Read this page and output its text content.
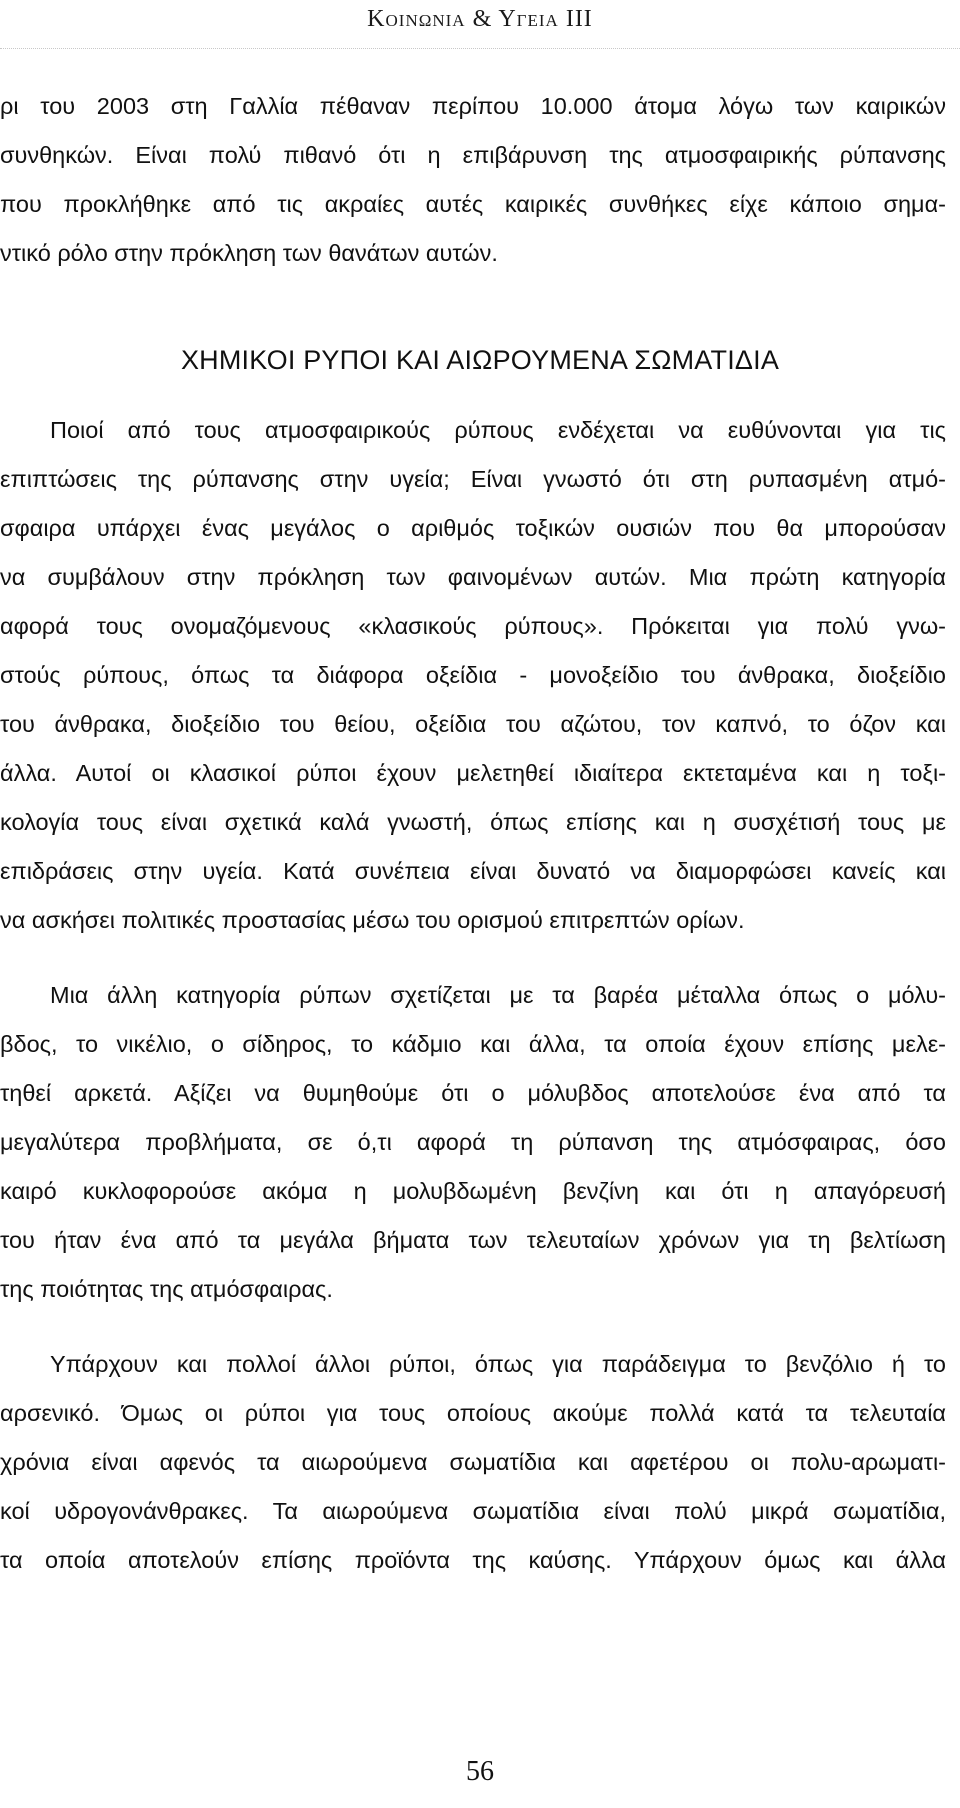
Κοινωνια & Υγεια III
ρι του 2003 στη Γαλλία πέθαναν περίπου 10.000 άτομα λόγω των καιρικών
συνθηκών. Είναι πολύ πιθανό ότι η επιβάρυνση της ατμοσφαιρικής ρύπανσης
που προκλήθηκε από τις ακραίες αυτές καιρικές συνθήκες είχε κάποιο σημα-
ντικό ρόλο στην πρόκληση των θανάτων αυτών.
ΧΗΜΙΚΟΙ ΡΥΠΟΙ ΚΑΙ ΑΙΩΡΟΥΜΕΝΑ ΣΩΜΑΤΙΔΙΑ
Ποιοί από τους ατμοσφαιρικούς ρύπους ενδέχεται να ευθύνονται για τις
επιπτώσεις της ρύπανσης στην υγεία; Είναι γνωστό ότι στη ρυπασμένη ατμό-
σφαιρα υπάρχει ένας μεγάλος ο αριθμός τοξικών ουσιών που θα μπορούσαν
να συμβάλουν στην πρόκληση των φαινομένων αυτών. Μια πρώτη κατηγορία
αφορά τους ονομαζόμενους «κλασικούς ρύπους». Πρόκειται για πολύ γνω-
στούς ρύπους, όπως τα διάφορα οξείδια - μονοξείδιο του άνθρακα, διοξείδιο
του άνθρακα, διοξείδιο του θείου, οξείδια του αζώτου, τον καπνό, το όζον και
άλλα. Αυτοί οι κλασικοί ρύποι έχουν μελετηθεί ιδιαίτερα εκτεταμένα και η τοξι-
κολογία τους είναι σχετικά καλά γνωστή, όπως επίσης και η συσχέτισή τους με
επιδράσεις στην υγεία. Κατά συνέπεια είναι δυνατό να διαμορφώσει κανείς και
να ασκήσει πολιτικές προστασίας μέσω του ορισμού επιτρεπτών ορίων.
Μια άλλη κατηγορία ρύπων σχετίζεται με τα βαρέα μέταλλα όπως ο μόλυ-
βδος, το νικέλιο, ο σίδηρος, το κάδμιο και άλλα, τα οποία έχουν επίσης μελε-
τηθεί αρκετά. Αξίζει να θυμηθούμε ότι ο μόλυβδος αποτελούσε ένα από τα
μεγαλύτερα προβλήματα, σε ό,τι αφορά τη ρύπανση της ατμόσφαιρας, όσο
καιρό κυκλοφορούσε ακόμα η μολυβδωμένη βενζίνη και ότι η απαγόρευσή
του ήταν ένα από τα μεγάλα βήματα των τελευταίων χρόνων για τη βελτίωση
της ποιότητας της ατμόσφαιρας.
Υπάρχουν και πολλοί άλλοι ρύποι, όπως για παράδειγμα το βενζόλιο ή το
αρσενικό. Όμως οι ρύποι για τους οποίους ακούμε πολλά κατά τα τελευταία
χρόνια είναι αφενός τα αιωρούμενα σωματίδια και αφετέρου οι πολυ-αρωματι-
κοί υδρογονάνθρακες. Τα αιωρούμενα σωματίδια είναι πολύ μικρά σωματίδια,
τα οποία αποτελούν επίσης προϊόντα της καύσης. Υπάρχουν όμως και άλλα
56
